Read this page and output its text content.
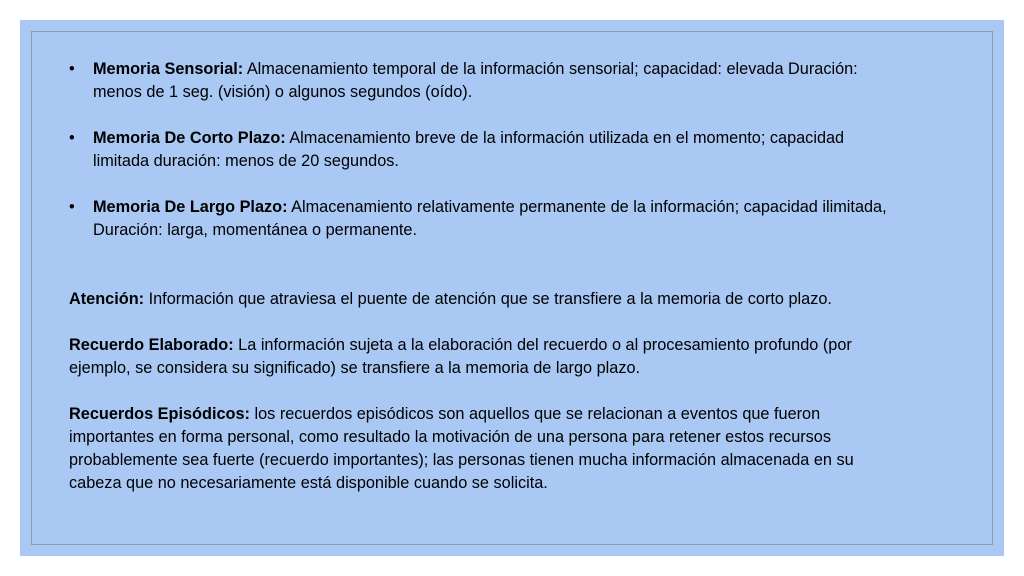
• Memoria Sensorial: Almacenamiento temporal de la información sensorial; capacidad: elevada Duración: menos de 1 seg. (visión) o algunos segundos (oído).
• Memoria De Corto Plazo: Almacenamiento breve de la información utilizada en el momento; capacidad limitada duración: menos de 20 segundos.
• Memoria De Largo Plazo: Almacenamiento relativamente permanente de la información; capacidad ilimitada, Duración: larga, momentánea o permanente.

Atención: Información que atraviesa el puente de atención que se transfiere a la memoria de corto plazo.

Recuerdo Elaborado: La información sujeta a la elaboración del recuerdo o al procesamiento profundo (por ejemplo, se considera su significado) se transfiere a la memoria de largo plazo.

Recuerdos Episódicos: los recuerdos episódicos son aquellos que se relacionan a eventos que fueron importantes en forma personal, como resultado la motivación de una persona para retener estos recursos probablemente sea fuerte (recuerdo importantes); las personas tienen mucha información almacenada en su cabeza que no necesariamente está disponible cuando se solicita.
